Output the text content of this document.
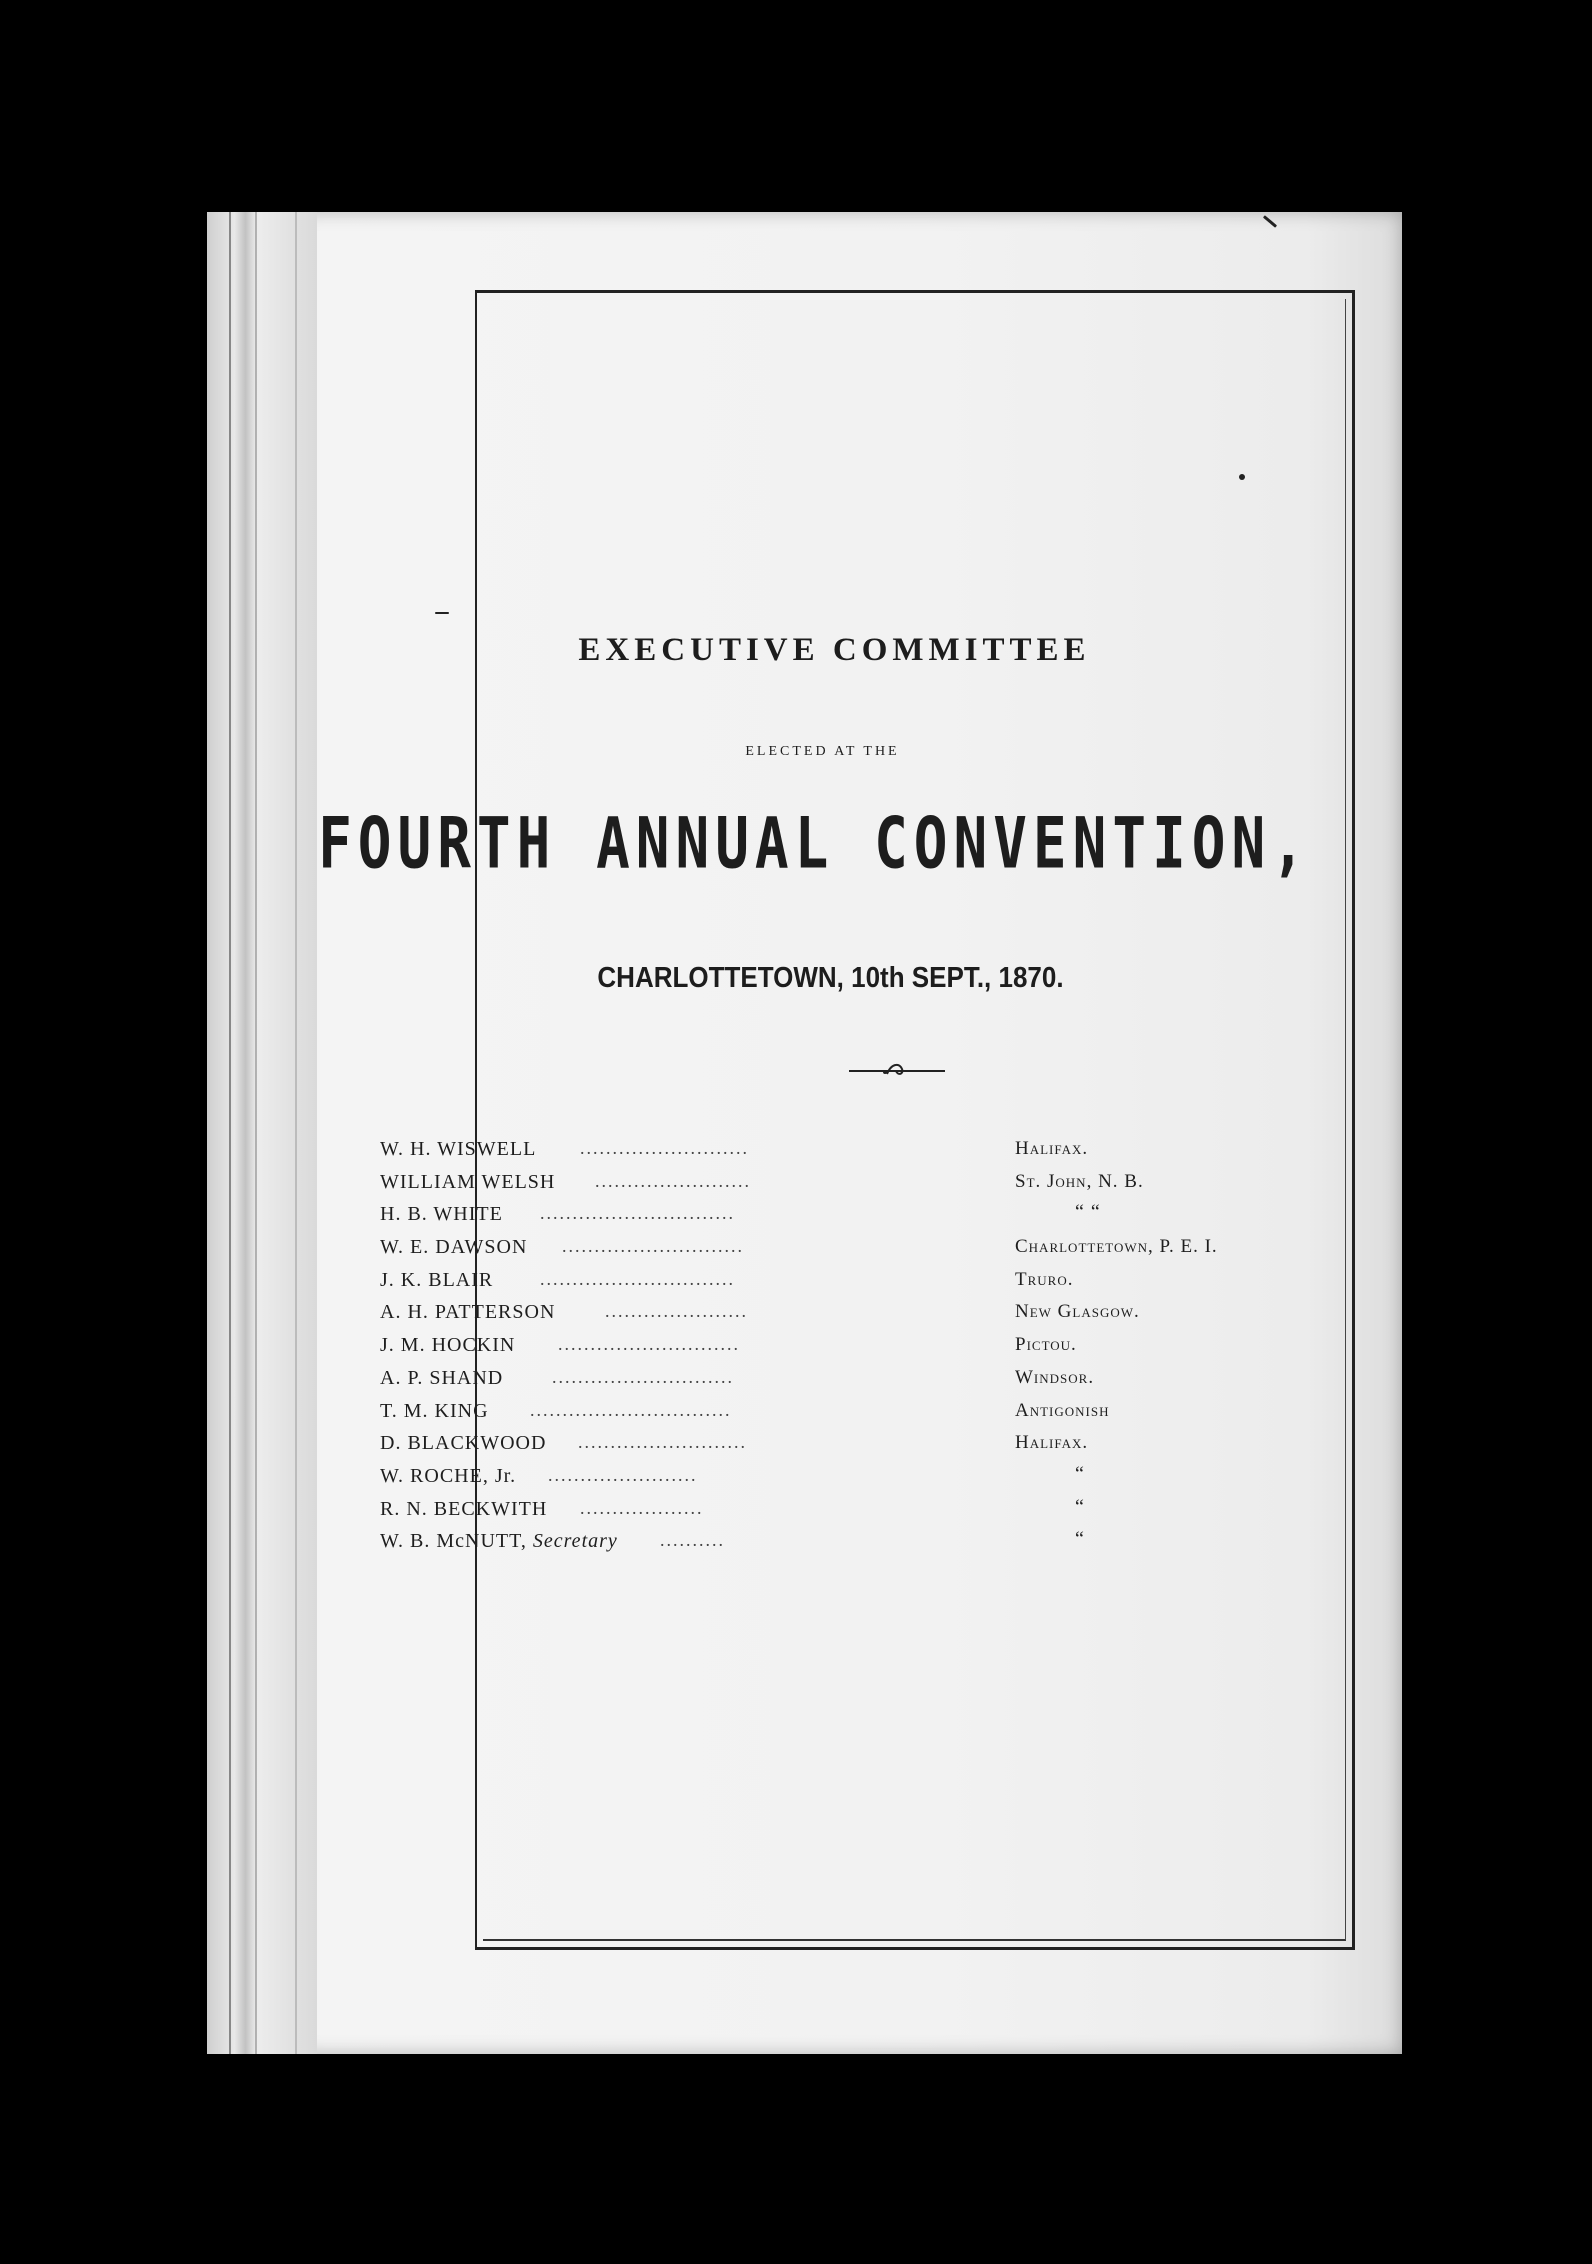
EXECUTIVE COMMITTEE
ELECTED AT THE
FOURTH ANNUAL CONVENTION,
CHARLOTTETOWN, 10th SEPT., 1870.
W. H. WISWELL ..........................	Halifax.
WILLIAM WELSH ........................	St. John, N. B.
H. B. WHITE ..............................	“ “
W. E. DAWSON ............................	Charlottetown, P. E. I.
J. K. BLAIR	..............................	Truro.
A. H. PATTERSON	......................	New Glasgow.
J. M. HOCKIN ............................	Pictou.
A. P. SHAND	............................	Windsor.
T. M. KING ...............................	Antigonish
D. BLACKWOOD ..........................	Halifax.
W. ROCHE, Jr. .......................	“
R. N. BECKWITH ...................	“
W. B. McNUTT, Secretary ..........	“
